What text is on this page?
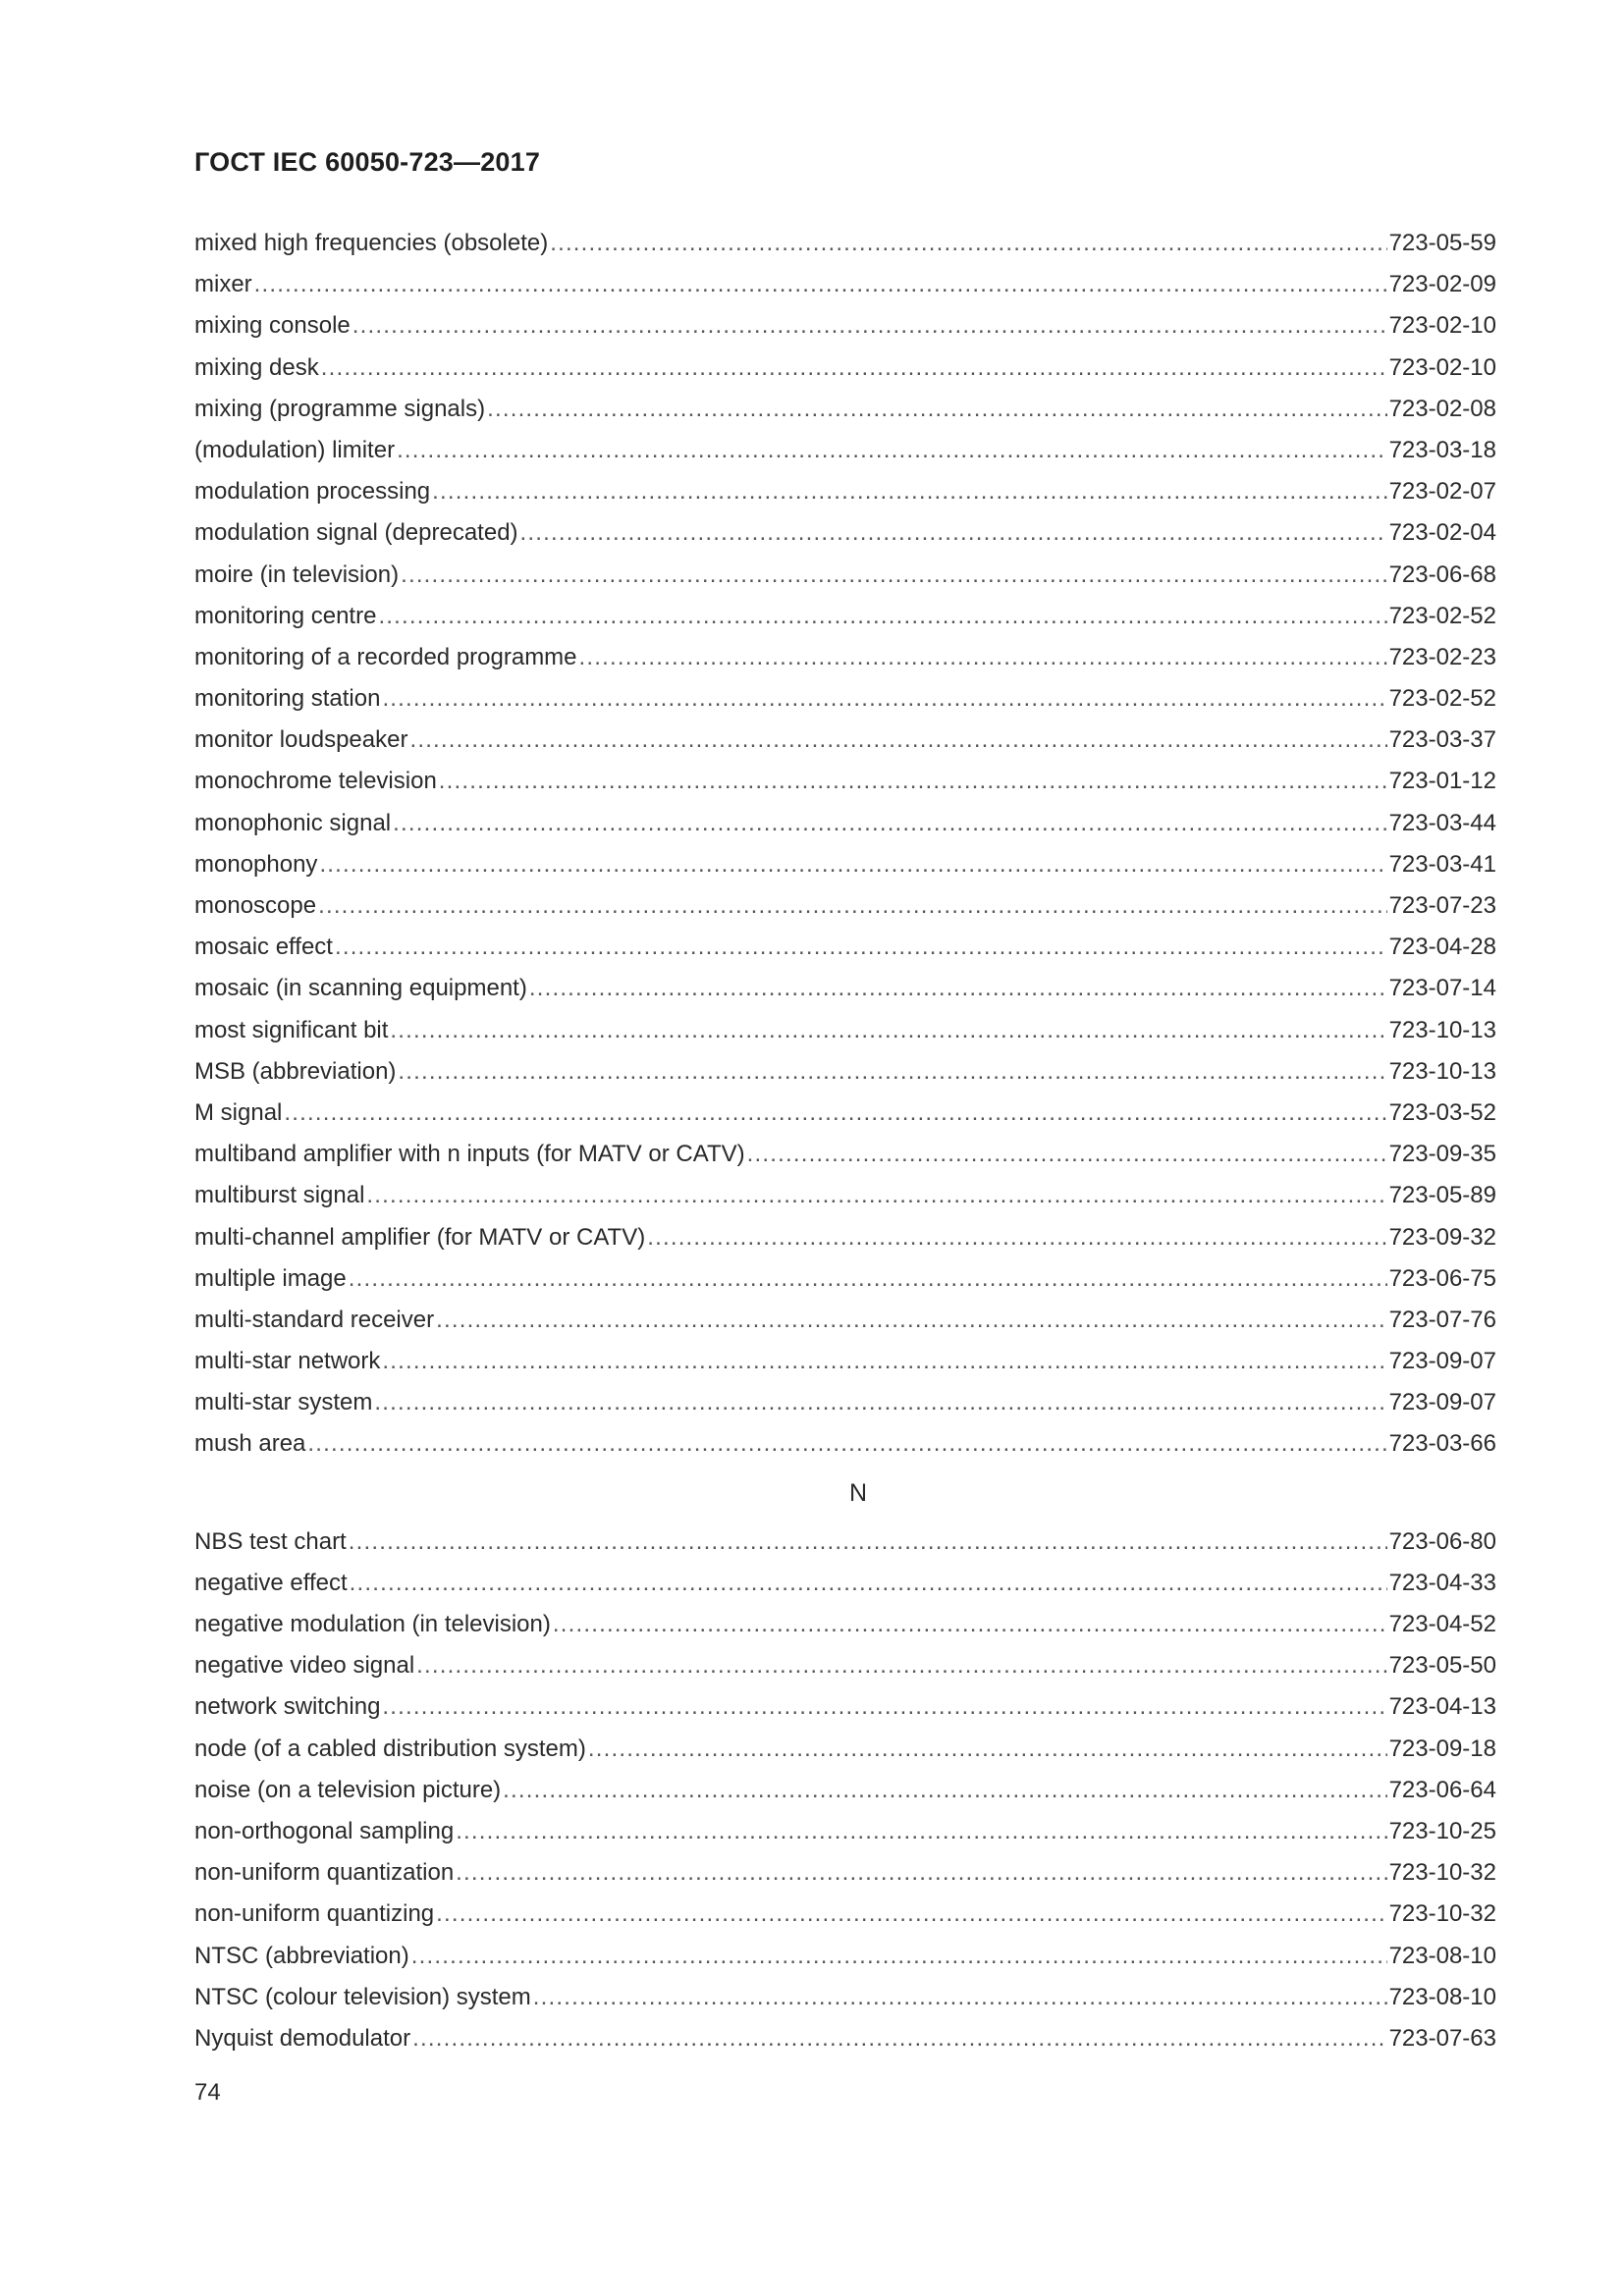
ГОСТ IEC 60050-723—2017
mixed high frequencies (obsolete) .....	723-05-59
mixer .....	723-02-09
mixing console .....	723-02-10
mixing desk .....	723-02-10
mixing (programme signals) .....	723-02-08
(modulation) limiter .....	723-03-18
modulation processing .....	723-02-07
modulation signal (deprecated) .....	723-02-04
moire (in television) .....	723-06-68
monitoring centre .....	723-02-52
monitoring of a recorded programme .....	723-02-23
monitoring station .....	723-02-52
monitor loudspeaker .....	723-03-37
monochrome television .....	723-01-12
monophonic signal .....	723-03-44
monophony .....	723-03-41
monoscope .....	723-07-23
mosaic effect .....	723-04-28
mosaic (in scanning equipment) .....	723-07-14
most significant bit .....	723-10-13
MSB (abbreviation) .....	723-10-13
M signal .....	723-03-52
multiband amplifier with n inputs (for MATV or CATV) .....	723-09-35
multiburst signal .....	723-05-89
multi-channel amplifier (for MATV or CATV) .....	723-09-32
multiple image .....	723-06-75
multi-standard receiver .....	723-07-76
multi-star network .....	723-09-07
multi-star system .....	723-09-07
mush area .....	723-03-66
N
NBS test chart .....	723-06-80
negative effect .....	723-04-33
negative modulation (in television) .....	723-04-52
negative video signal .....	723-05-50
network switching .....	723-04-13
node (of a cabled distribution system) .....	723-09-18
noise (on a television picture) .....	723-06-64
non-orthogonal sampling .....	723-10-25
non-uniform quantization .....	723-10-32
non-uniform quantizing .....	723-10-32
NTSC (abbreviation) .....	723-08-10
NTSC (colour television) system .....	723-08-10
Nyquist demodulator .....	723-07-63
74
